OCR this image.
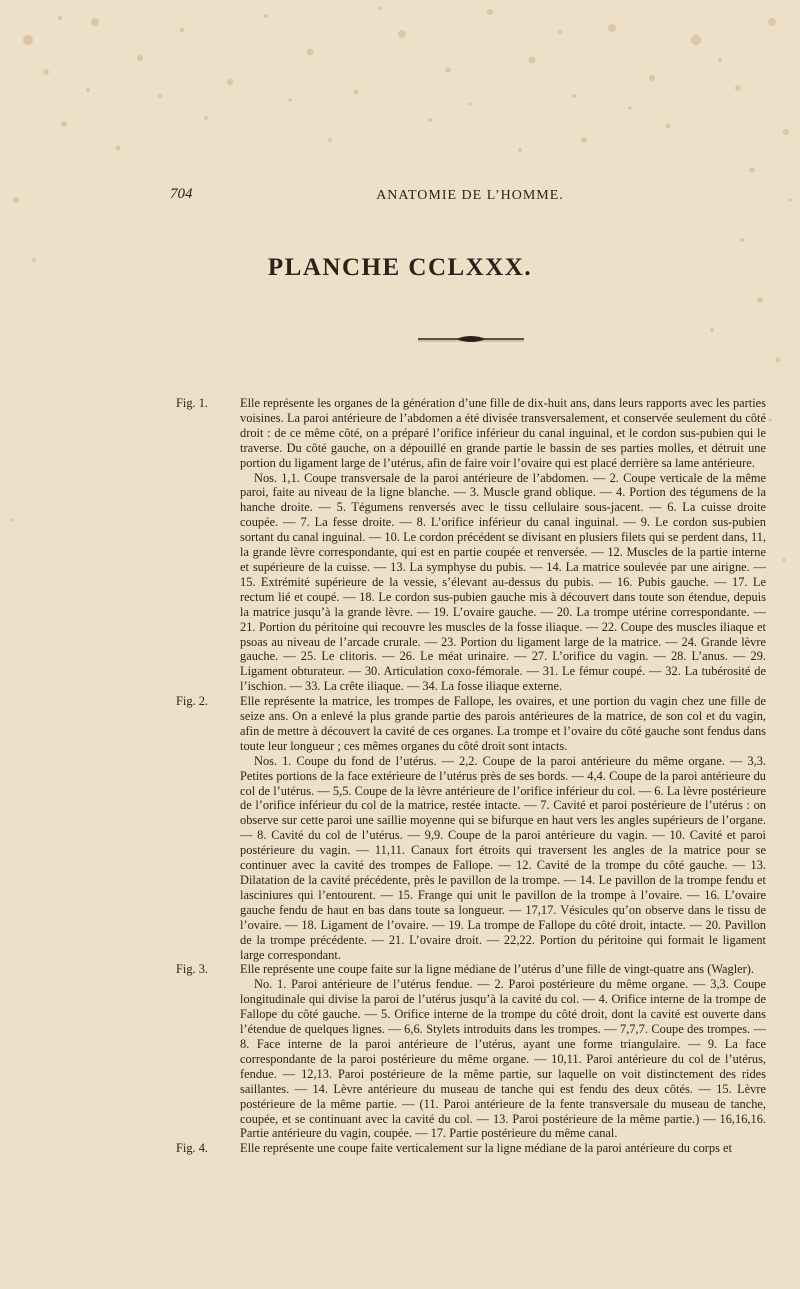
704	ANATOMIE DE L’HOMME.
PLANCHE CCLXXX.
Fig. 1.	Elle représente les organes de la génération d’une fille de dix-huit ans, dans leurs rapports avec les parties voisines. La paroi antérieure de l’abdomen a été divisée transversalement, et conservée seulement du côté droit : de ce même côté, on a préparé l’orifice inférieur du canal inguinal, et le cordon sus-pubien qui le traverse. Du côté gauche, on a dépouillé en grande partie le bassin de ses parties molles, et détruit une portion du ligament large de l’utérus, afin de faire voir l’ovaire qui est placé derrière sa lame antérieure.

Nos. 1,1. Coupe transversale de la paroi antérieure de l’abdomen. — 2. Coupe verticale de la même paroi, faite au niveau de la ligne blanche. — 3. Muscle grand oblique. — 4. Portion des tégumens de la hanche droite. — 5. Tégumens renversés avec le tissu cellulaire sous-jacent. — 6. La cuisse droite coupée. — 7. La fesse droite. — 8. L’orifice inférieur du canal inguinal. — 9. Le cordon sus-pubien sortant du canal inguinal. — 10. Le cordon précédent se divisant en plusiers filets qui se perdent dans, 11, la grande lèvre correspondante, qui est en partie coupée et renversée. — 12. Muscles de la partie interne et supérieure de la cuisse. — 13. La symphyse du pubis. — 14. La matrice soulevée par une airigne. — 15. Extrémité supérieure de la vessie, s’élevant au-dessus du pubis. — 16. Pubis gauche. — 17. Le rectum lié et coupé. — 18. Le cordon sus-pubien gauche mis à découvert dans toute son étendue, depuis la matrice jusqu’à la grande lèvre. — 19. L’ovaire gauche. — 20. La trompe utérine correspondante. — 21. Portion du péritoine qui recouvre les muscles de la fosse iliaque. — 22. Coupe des muscles iliaque et psoas au niveau de l’arcade crurale. — 23. Portion du ligament large de la matrice. — 24. Grande lèvre gauche. — 25. Le clitoris. — 26. Le méat urinaire. — 27. L’orifice du vagin. — 28. L’anus. — 29. Ligament obturateur. — 30. Articulation coxo-fémorale. — 31. Le fémur coupé. — 32. La tubérosité de l’ischion. — 33. La crête iliaque. — 34. La fosse iliaque externe.

Fig. 2.	Elle représente la matrice, les trompes de Fallope, les ovaires, et une portion du vagin chez une fille de seize ans. On a enlevé la plus grande partie des parois antérieures de la matrice, de son col et du vagin, afin de mettre à découvert la cavité de ces organes. La trompe et l’ovaire du côté gauche sont fendus dans toute leur longueur ; ces mêmes organes du côté droit sont intacts.

Nos. 1. Coupe du fond de l’utérus. — 2,2. Coupe de la paroi antérieure du même organe. — 3,3. Petites portions de la face extérieure de l’utérus près de ses bords. — 4,4. Coupe de la paroi antérieure du col de l’utérus. — 5,5. Coupe de la lèvre antérieure de l’orifice inférieur du col. — 6. La lèvre postérieure de l’orifice inférieur du col de la matrice, restée intacte. — 7. Cavité et paroi postérieure de l’utérus : on observe sur cette paroi une saillie moyenne qui se bifurque en haut vers les angles supérieurs de l’organe. — 8. Cavité du col de l’utérus. — 9,9. Coupe de la paroi antérieure du vagin. — 10. Cavité et paroi postérieure du vagin. — 11,11. Canaux fort étroits qui traversent les angles de la matrice pour se continuer avec la cavité des trompes de Fallope. — 12. Cavité de la trompe du côté gauche. — 13. Dilatation de la cavité précédente, près le pavillon de la trompe. — 14. Le pavillon de la trompe fendu et lasciniures qui l’entourent. — 15. Frange qui unit le pavillon de la trompe à l’ovaire. — 16. L’ovaire gauche fendu de haut en bas dans toute sa longueur. — 17,17. Vésicules qu’on observe dans le tissu de l’ovaire. — 18. Ligament de l’ovaire. — 19. La trompe de Fallope du côté droit, intacte. — 20. Pavillon de la trompe précédente. — 21. L’ovaire droit. — 22,22. Portion du péritoine qui formait le ligament large correspondant.

Fig. 3.	Elle représente une coupe faite sur la ligne médiane de l’utérus d’une fille de vingt-quatre ans (Wagler).

No. 1. Paroi antérieure de l’utérus fendue. — 2. Paroi postérieure du même organe. — 3,3. Coupe longitudinale qui divise la paroi de l’utérus jusqu’à la cavité du col. — 4. Orifice interne de la trompe de Fallope du côté gauche. — 5. Orifice interne de la trompe du côté droit, dont la cavité est ouverte dans l’étendue de quelques lignes. — 6,6. Stylets introduits dans les trompes. — 7,7,7. Coupe des trompes. — 8. Face interne de la paroi antérieure de l’utérus, ayant une forme triangulaire. — 9. La face correspondante de la paroi postérieure du même organe. — 10,11. Paroi antérieure du col de l’utérus, fendue. — 12,13. Paroi postérieure de la même partie, sur laquelle on voit distinctement des rides saillantes. — 14. Lèvre antérieure du museau de tanche qui est fendu des deux côtés. — 15. Lèvre postérieure de la même partie. — (11. Paroi antérieure de la fente transversale du museau de tanche, coupée, et se continuant avec la cavité du col. — 13. Paroi postérieure de la même partie.) — 16,16,16. Partie antérieure du vagin, coupée. — 17. Partie postérieure du même canal.

Fig. 4.	Elle représente une coupe faite verticalement sur la ligne médiane de la paroi antérieure du corps et
